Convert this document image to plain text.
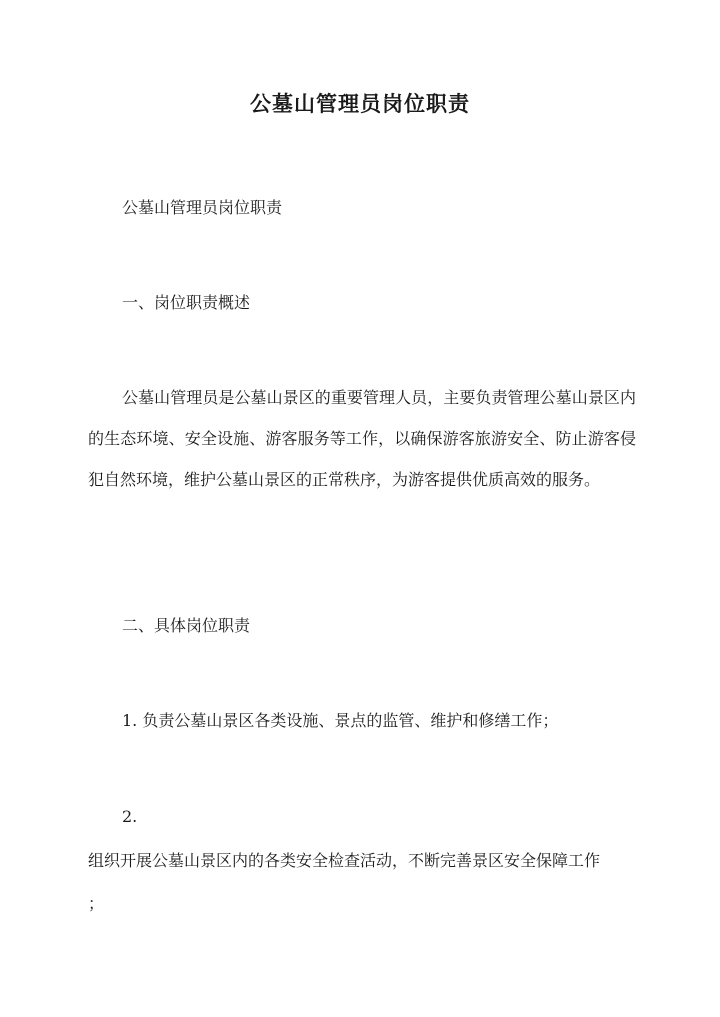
公墓山管理员岗位职责
公墓山管理员岗位职责
一、岗位职责概述
公墓山管理员是公墓山景区的重要管理人员，主要负责管理公墓山景区内的生态环境、安全设施、游客服务等工作，以确保游客旅游安全、防止游客侵犯自然环境，维护公墓山景区的正常秩序，为游客提供优质高效的服务。
二、具体岗位职责
1. 负责公墓山景区各类设施、景点的监管、维护和修缮工作；
2.
组织开展公墓山景区内的各类安全检查活动，不断完善景区安全保障工作
；
